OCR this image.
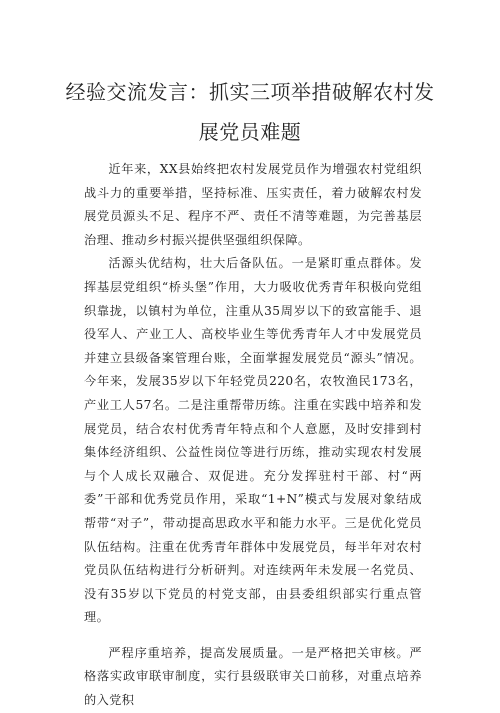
经验交流发言：抓实三项举措破解农村发
展党员难题

近年来，XX县始终把农村发展党员作为增强农村党组织战斗力的重要举措，坚持标准、压实责任，着力破解农村发展党员源头不足、程序不严、责任不清等难题，为完善基层治理、推动乡村振兴提供坚强组织保障。

活源头优结构，壮大后备队伍。一是紧盯重点群体。发挥基层党组织“桥头堡”作用，大力吸收优秀青年积极向党组织靠拢，以镇村为单位，注重从35周岁以下的致富能手、退役军人、产业工人、高校毕业生等优秀青年人才中发展党员并建立县级备案管理台账，全面掌握发展党员“源头”情况。今年来，发展35岁以下年轻党员220名，农牧渔民173名，产业工人57名。二是注重帮带历练。注重在实践中培养和发展党员，结合农村优秀青年特点和个人意愿，及时安排到村集体经济组织、公益性岗位等进行历练，推动实现农村发展与个人成长双融合、双促进。充分发挥驻村干部、村“两委”干部和优秀党员作用，采取“1+N”模式与发展对象结成帮带“对子”，带动提高思政水平和能力水平。三是优化党员队伍结构。注重在优秀青年群体中发展党员，每半年对农村党员队伍结构进行分析研判。对连续两年未发展一名党员、没有35岁以下党员的村党支部，由县委组织部实行重点管理。

严程序重培养，提高发展质量。一是严格把关审核。严格落实政审联审制度，实行县级联审关口前移，对重点培养的入党积
